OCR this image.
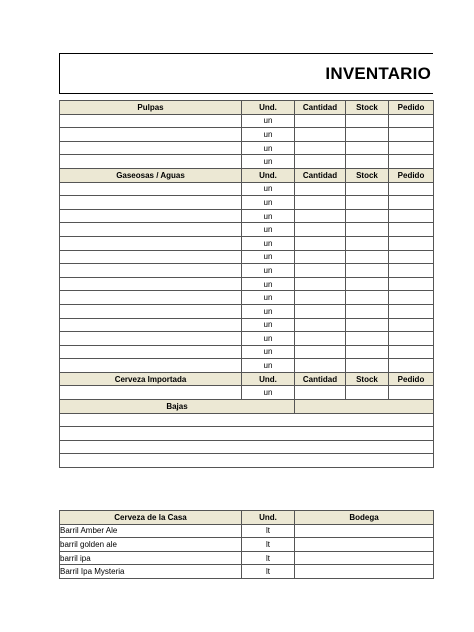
INVENTARIO
Pulpas	Und.	Cantidad	Stock	Pedido
	un			
	un			
	un			
	un			
Gaseosas / Aguas	Und.	Cantidad	Stock	Pedido
	un			
	un			
	un			
	un			
	un			
	un			
	un			
	un			
	un			
	un			
	un			
	un			
	un			
	un			
Cerveza Importada	Und.	Cantidad	Stock	Pedido
	un			
Bajas				

Cerveza de la Casa	Und.	Bodega
Barril Amber Ale	lt	
barril golden ale	lt	
barril ipa	lt	
Barril Ipa Mysteria	lt	
